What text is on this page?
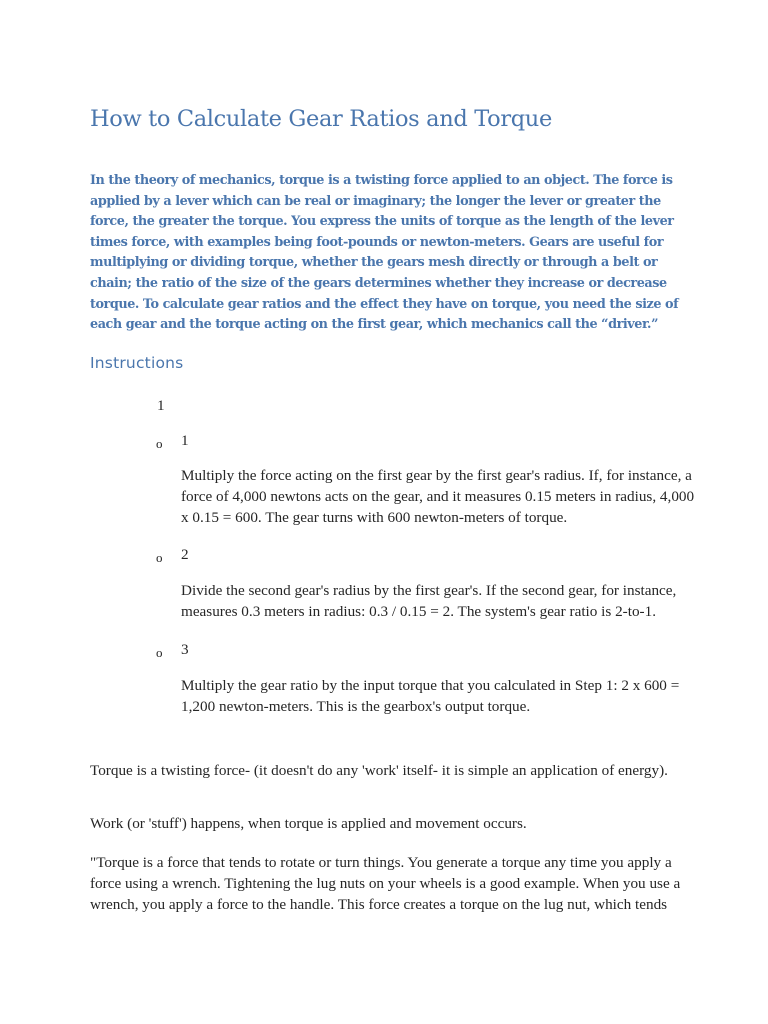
How to Calculate Gear Ratios and Torque

In the theory of mechanics, torque is a twisting force applied to an object. The force is applied by a lever which can be real or imaginary; the longer the lever or greater the force, the greater the torque. You express the units of torque as the length of the lever times force, with examples being foot-pounds or newton-meters. Gears are useful for multiplying or dividing torque, whether the gears mesh directly or through a belt or chain; the ratio of the size of the gears determines whether they increase or decrease torque. To calculate gear ratios and the effect they have on torque, you need the size of each gear and the torque acting on the first gear, which mechanics call the “driver.”

Instructions
1
o 1

Multiply the force acting on the first gear by the first gear's radius. If, for instance, a force of 4,000 newtons acts on the gear, and it measures 0.15 meters in radius, 4,000 x 0.15 = 600. The gear turns with 600 newton-meters of torque.

o 2

Divide the second gear's radius by the first gear's. If the second gear, for instance, measures 0.3 meters in radius: 0.3 / 0.15 = 2. The system's gear ratio is 2-to-1.

o 3

Multiply the gear ratio by the input torque that you calculated in Step 1: 2 x 600 = 1,200 newton-meters. This is the gearbox's output torque.

Torque is a twisting force- (it doesn't do any 'work' itself- it is simple an application of energy).

Work (or 'stuff') happens, when torque is applied and movement occurs.

"Torque is a force that tends to rotate or turn things. You generate a torque any time you apply a force using a wrench. Tightening the lug nuts on your wheels is a good example. When you use a wrench, you apply a force to the handle. This force creates a torque on the lug nut, which tends
